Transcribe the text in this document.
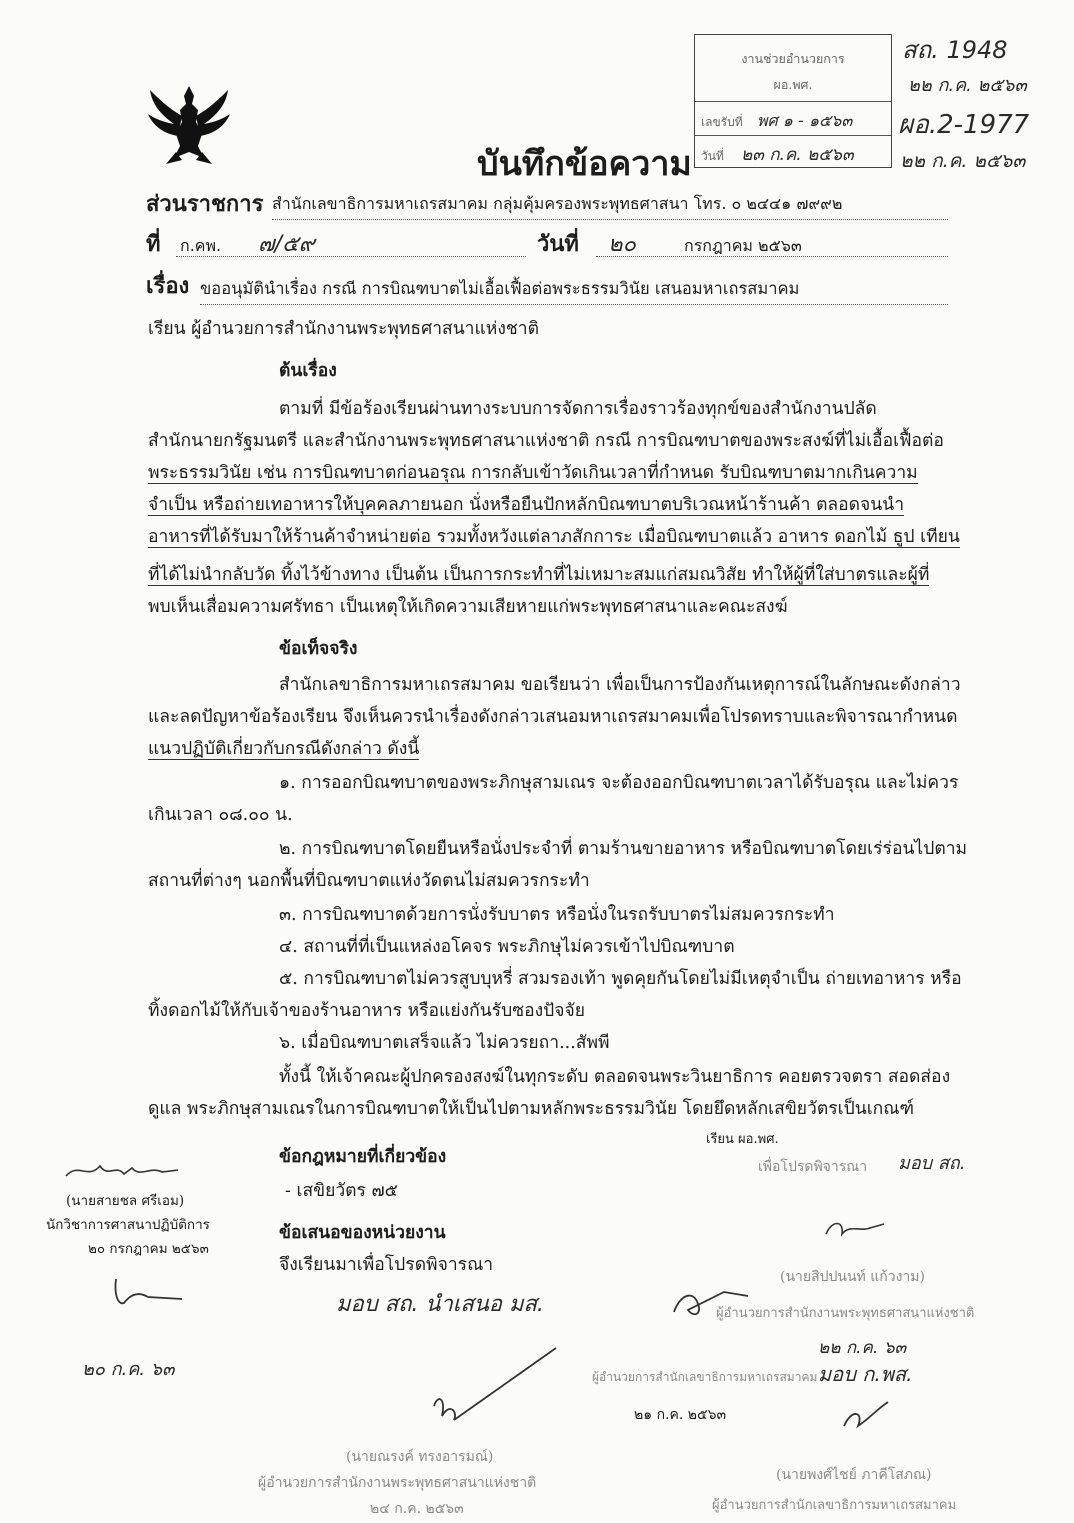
บันทึกข้อความ
งานช่วยอำนวยการ
ผอ.พศ.
เลขรับที่ พศ ๑ - ๑๕๖๓
วันที่ ๒๓ ก.ค. ๒๕๖๓
สถ. 1948
๒๒ ก.ค. ๒๕๖๓
ผอ.2-1977
๒๒ ก.ค. ๒๕๖๓
ส่วนราชการ สำนักเลขาธิการมหาเถรสมาคม กลุ่มคุ้มครองพระพุทธศาสนา โทร. ๐ ๒๔๔๑ ๗๙๙๒
ที่ ก.คพ. ๗/๕๙	วันที่ ๒๐	กรกฎาคม ๒๕๖๓
เรื่อง ขออนุมัตินำเรื่อง กรณี การบิณฑบาตไม่เอื้อเฟื้อต่อพระธรรมวินัย เสนอมหาเถรสมาคม
เรียน ผู้อำนวยการสำนักงานพระพุทธศาสนาแห่งชาติ
ต้นเรื่อง
ตามที่ มีข้อร้องเรียนผ่านทางระบบการจัดการเรื่องราวร้องทุกข์ของสำนักงานปลัด
สำนักนายกรัฐมนตรี และสำนักงานพระพุทธศาสนาแห่งชาติ กรณี การบิณฑบาตของพระสงฆ์ที่ไม่เอื้อเฟื้อต่อ
พระธรรมวินัย เช่น การบิณฑบาตก่อนอรุณ การกลับเข้าวัดเกินเวลาที่กำหนด รับบิณฑบาตมากเกินความ
จำเป็น หรือถ่ายเทอาหารให้บุคคลภายนอก นั่งหรือยืนปักหลักบิณฑบาตบริเวณหน้าร้านค้า ตลอดจนนำ
อาหารที่ได้รับมาให้ร้านค้าจำหน่ายต่อ รวมทั้งหวังแต่ลาภสักการะ เมื่อบิณฑบาตแล้ว อาหาร ดอกไม้ ธูป เทียน
ที่ได้ไม่นำกลับวัด ทิ้งไว้ข้างทาง เป็นต้น เป็นการกระทำที่ไม่เหมาะสมแก่สมณวิสัย ทำให้ผู้ที่ใส่บาตรและผู้ที่
พบเห็นเสื่อมความศรัทธา เป็นเหตุให้เกิดความเสียหายแก่พระพุทธศาสนาและคณะสงฆ์
ข้อเท็จจริง
สำนักเลขาธิการมหาเถรสมาคม ขอเรียนว่า เพื่อเป็นการป้องกันเหตุการณ์ในลักษณะดังกล่าว
และลดปัญหาข้อร้องเรียน จึงเห็นควรนำเรื่องดังกล่าวเสนอมหาเถรสมาคมเพื่อโปรดทราบและพิจารณากำหนด
แนวปฏิบัติเกี่ยวกับกรณีดังกล่าว ดังนี้
๑. การออกบิณฑบาตของพระภิกษุสามเณร จะต้องออกบิณฑบาตเวลาได้รับอรุณ และไม่ควร
เกินเวลา ๐๘.๐๐ น.
๒. การบิณฑบาตโดยยืนหรือนั่งประจำที่ ตามร้านขายอาหาร หรือบิณฑบาตโดยเร่ร่อนไปตาม
สถานที่ต่างๆ นอกพื้นที่บิณฑบาตแห่งวัดตนไม่สมควรกระทำ
๓. การบิณฑบาตด้วยการนั่งรับบาตร หรือนั่งในรถรับบาตรไม่สมควรกระทำ
๔. สถานที่ที่เป็นแหล่งอโคจร พระภิกษุไม่ควรเข้าไปบิณฑบาต
๕. การบิณฑบาตไม่ควรสูบบุหรี่ สวมรองเท้า พูดคุยกันโดยไม่มีเหตุจำเป็น ถ่ายเทอาหาร หรือ
ทิ้งดอกไม้ให้กับเจ้าของร้านอาหาร หรือแย่งกันรับซองปัจจัย
๖. เมื่อบิณฑบาตเสร็จแล้ว ไม่ควรยถา...สัพพี
ทั้งนี้ ให้เจ้าคณะผู้ปกครองสงฆ์ในทุกระดับ ตลอดจนพระวินยาธิการ คอยตรวจตรา สอดส่อง
ดูแล พระภิกษุสามเณรในการบิณฑบาตให้เป็นไปตามหลักพระธรรมวินัย โดยยึดหลักเสขิยวัตรเป็นเกณฑ์
ข้อกฎหมายที่เกี่ยวข้อง
- เสขิยวัตร ๗๕
ข้อเสนอของหน่วยงาน
จึงเรียนมาเพื่อโปรดพิจารณา
(นายสายชล ศรีเอม)
นักวิชาการศาสนาปฏิบัติการ
๒๐ กรกฎาคม ๒๕๖๓
๒๐ ก.ค. ๖๓
มอบ สถ. นำเสนอ มส.
(นายณรงค์ ทรงอารมณ์)
ผู้อำนวยการสำนักงานพระพุทธศาสนาแห่งชาติ
๒๔ ก.ค. ๒๕๖๓
เรียน ผอ.พศ.
เพื่อโปรดพิจารณา มอบ สถ.
(นายสิปปนนท์ แก้วงาม)
ผู้อำนวยการสำนักงานพระพุทธศาสนาแห่งชาติ
๒๒ ก.ค. ๖๓
มอบ ก.พส.
ผู้อำนวยการสำนักเลขาธิการมหาเถรสมาคม
๒๑ ก.ค. ๒๕๖๓
(นายพงศ์ไชย์ ภาคีโสภณ)
ผู้อำนวยการสำนักเลขาธิการมหาเถรสมาคม
